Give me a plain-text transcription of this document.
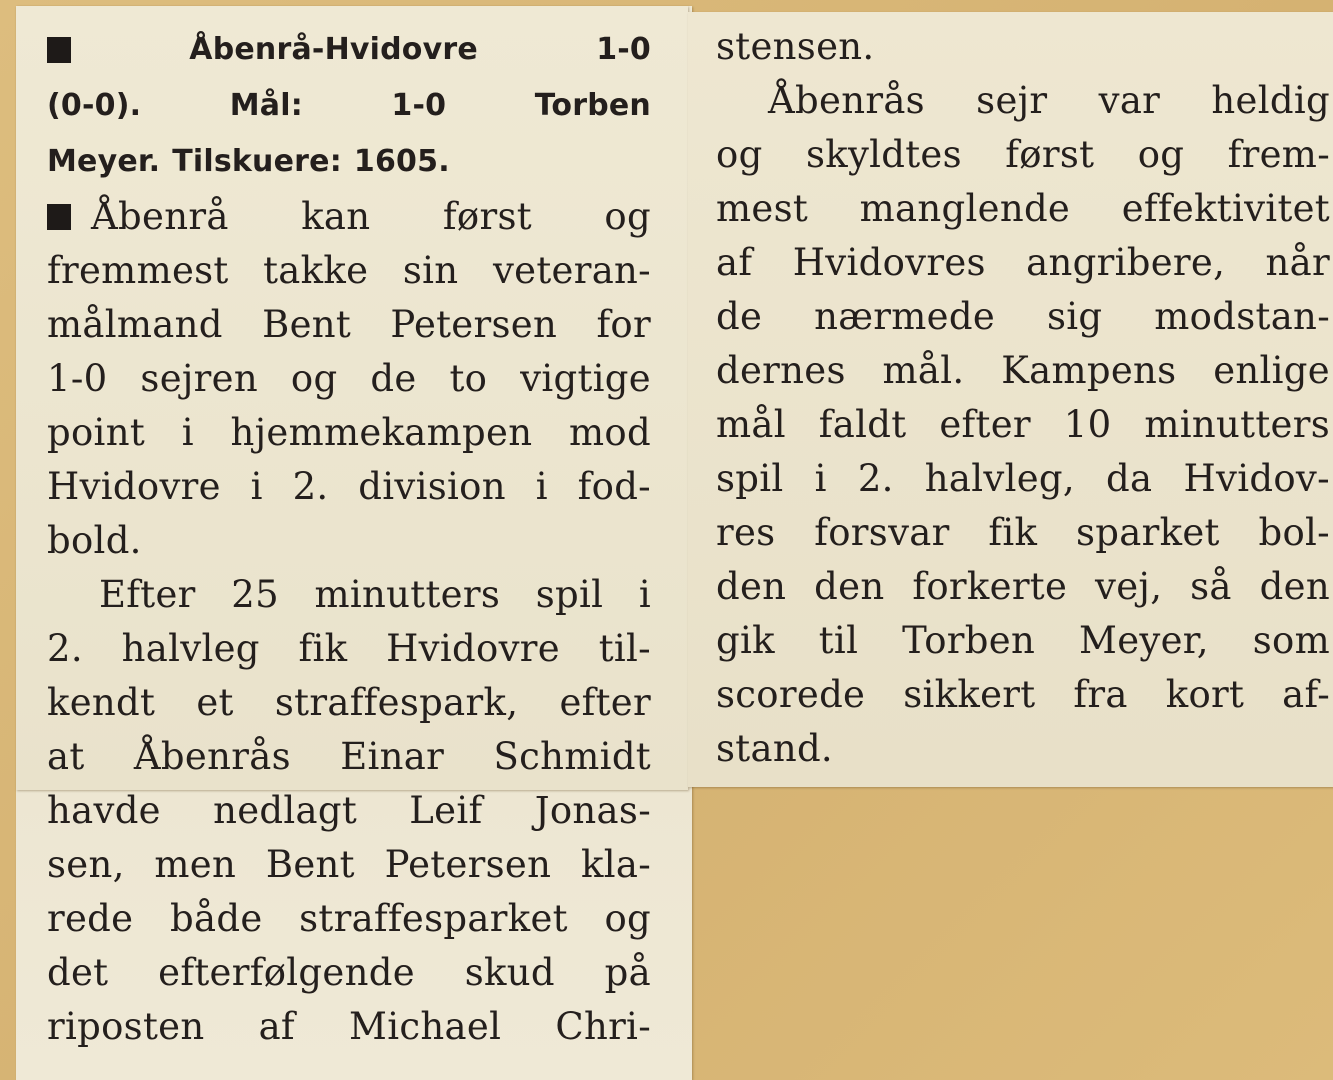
Åbenrå-Hvidovre	1-0
(0-0).	Mål:	1-0	Torben
Meyer. Tilskuere: 1605.
Åbenrå kan først og
fremmest takke sin veteran-
målmand Bent Petersen for
1-0 sejren og de to vigtige
point i hjemmekampen mod
Hvidovre i 2. division i fod-
bold.
Efter 25 minutters spil i
2. halvleg fik Hvidovre til-
kendt et straffespark, efter
at Åbenrås Einar Schmidt
havde nedlagt Leif Jonas-
sen, men Bent Petersen kla-
rede både straffesparket og
det efterfølgende skud på
riposten af Michael Chri-
stensen.
Åbenrås sejr var heldig
og skyldtes først og frem-
mest manglende effektivitet
af Hvidovres angribere, når
de nærmede sig modstan-
dernes mål. Kampens enlige
mål faldt efter 10 minutters
spil i 2. halvleg, da Hvidov-
res forsvar fik sparket bol-
den den forkerte vej, så den
gik til Torben Meyer, som
scorede sikkert fra kort af-
stand.
